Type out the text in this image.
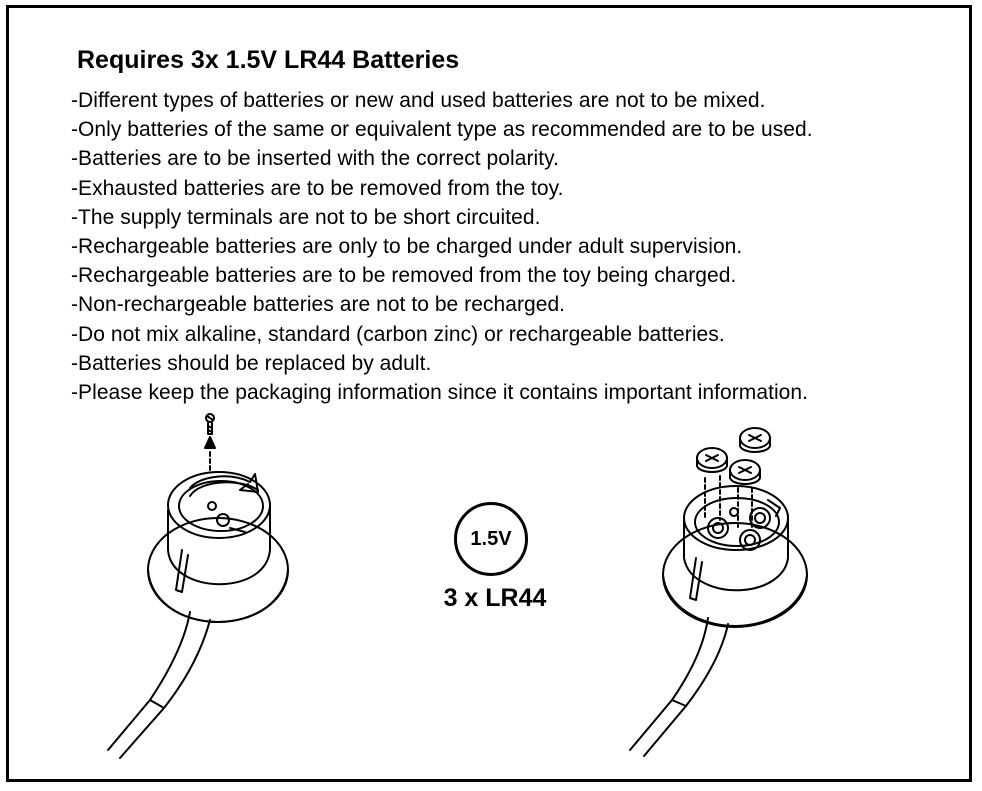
Requires 3x 1.5V LR44 Batteries
-Different types of batteries or new and used batteries are not to be mixed.
-Only batteries of the same or equivalent type as recommended are to be used.
-Batteries are to be inserted with the correct polarity.
-Exhausted batteries are to be removed from the toy.
-The supply terminals are not to be short circuited.
-Rechargeable batteries are only to be charged under adult supervision.
-Rechargeable batteries are to be removed from the toy being charged.
-Non-rechargeable batteries are not to be recharged.
-Do not mix alkaline, standard (carbon zinc) or rechargeable batteries.
-Batteries should be replaced by adult.
-Please keep the packaging information since it contains important information.
1.5V
3 x LR44
